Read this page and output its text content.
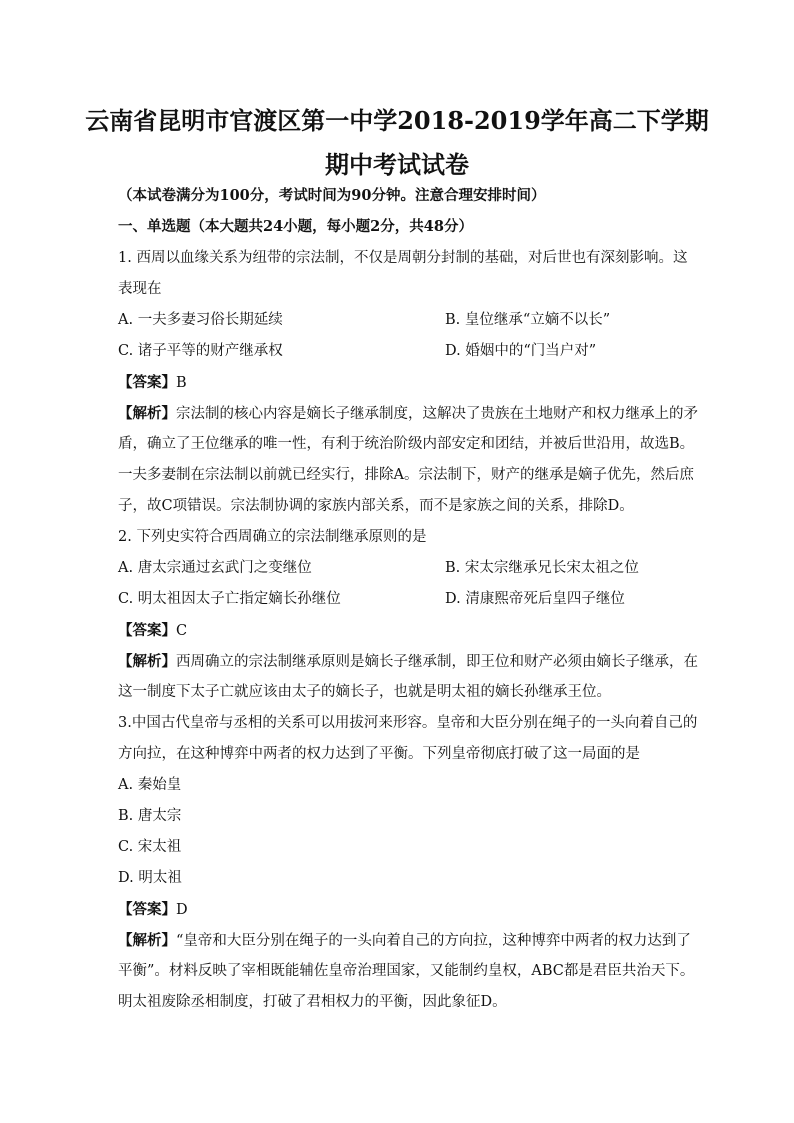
云南省昆明市官渡区第一中学2018-2019学年高二下学期
期中考试试卷
（本试卷满分为100分，考试时间为90分钟。注意合理安排时间）
一、单选题（本大题共24小题，每小题2分，共48分）
1. 西周以血缘关系为纽带的宗法制，不仅是周朝分封制的基础，对后世也有深刻影响。这
表现在
A. 一夫多妻习俗长期延续	B. 皇位继承“立嫡不以长”
C. 诸子平等的财产继承权	D. 婚姻中的“门当户对”
【答案】B
【解析】宗法制的核心内容是嫡长子继承制度，这解决了贵族在土地财产和权力继承上的矛
盾，确立了王位继承的唯一性，有利于统治阶级内部安定和团结，并被后世沿用，故选B。
一夫多妻制在宗法制以前就已经实行，排除A。宗法制下，财产的继承是嫡子优先，然后庶
子，故C项错误。宗法制协调的家族内部关系，而不是家族之间的关系，排除D。
2. 下列史实符合西周确立的宗法制继承原则的是
A. 唐太宗通过玄武门之变继位	B. 宋太宗继承兄长宋太祖之位
C. 明太祖因太子亡指定嫡长孙继位	D. 清康熙帝死后皇四子继位
【答案】C
【解析】西周确立的宗法制继承原则是嫡长子继承制，即王位和财产必须由嫡长子继承，在
这一制度下太子亡就应该由太子的嫡长子，也就是明太祖的嫡长孙继承王位。
3.中国古代皇帝与丞相的关系可以用拔河来形容。皇帝和大臣分别在绳子的一头向着自己的
方向拉，在这种博弈中两者的权力达到了平衡。下列皇帝彻底打破了这一局面的是
A. 秦始皇
B. 唐太宗
C. 宋太祖
D. 明太祖
【答案】D
【解析】“皇帝和大臣分别在绳子的一头向着自己的方向拉，这种博弈中两者的权力达到了
平衡”。材料反映了宰相既能辅佐皇帝治理国家，又能制约皇权，ABC都是君臣共治天下。
明太祖废除丞相制度，打破了君相权力的平衡，因此象征D。
